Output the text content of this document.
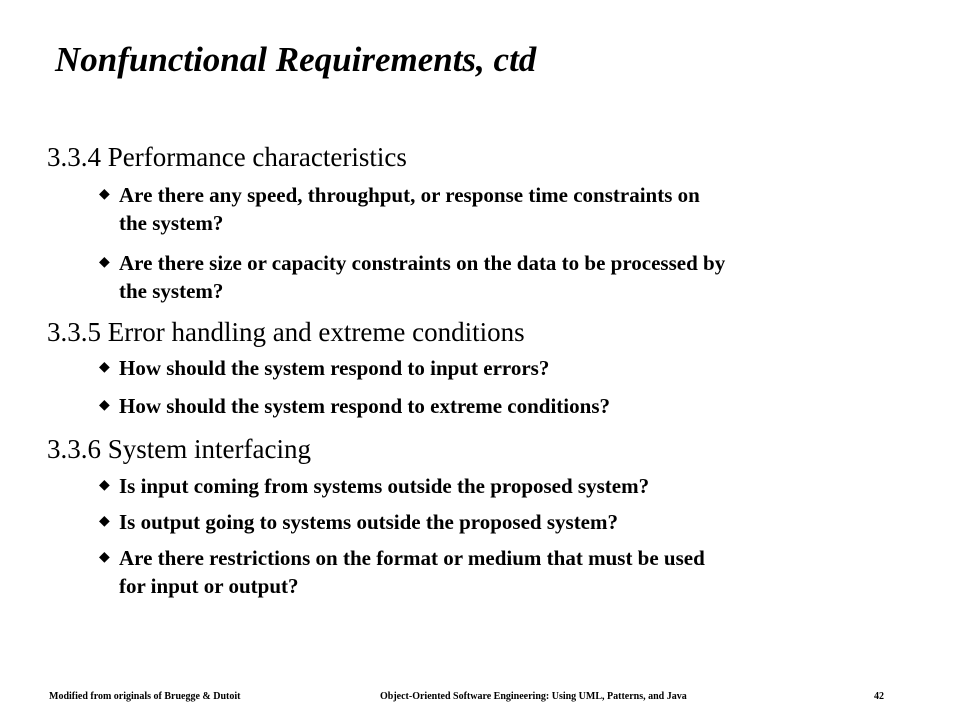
Nonfunctional Requirements, ctd
3.3.4 Performance characteristics
◆ Are there any speed, throughput, or response time constraints on
the system?
◆ Are there size or capacity constraints on the data to be processed by
the system?
3.3.5 Error handling and extreme conditions
◆ How should the system respond to input errors?
◆ How should the system respond to extreme conditions?
3.3.6 System interfacing
◆ Is input coming from systems outside the proposed system?
◆ Is output going to systems outside the proposed system?
◆ Are there restrictions on the format or medium that must be used
for input or output?
Modified from originals of Bruegge & Dutoit	Object-Oriented Software Engineering: Using UML, Patterns, and Java	42
